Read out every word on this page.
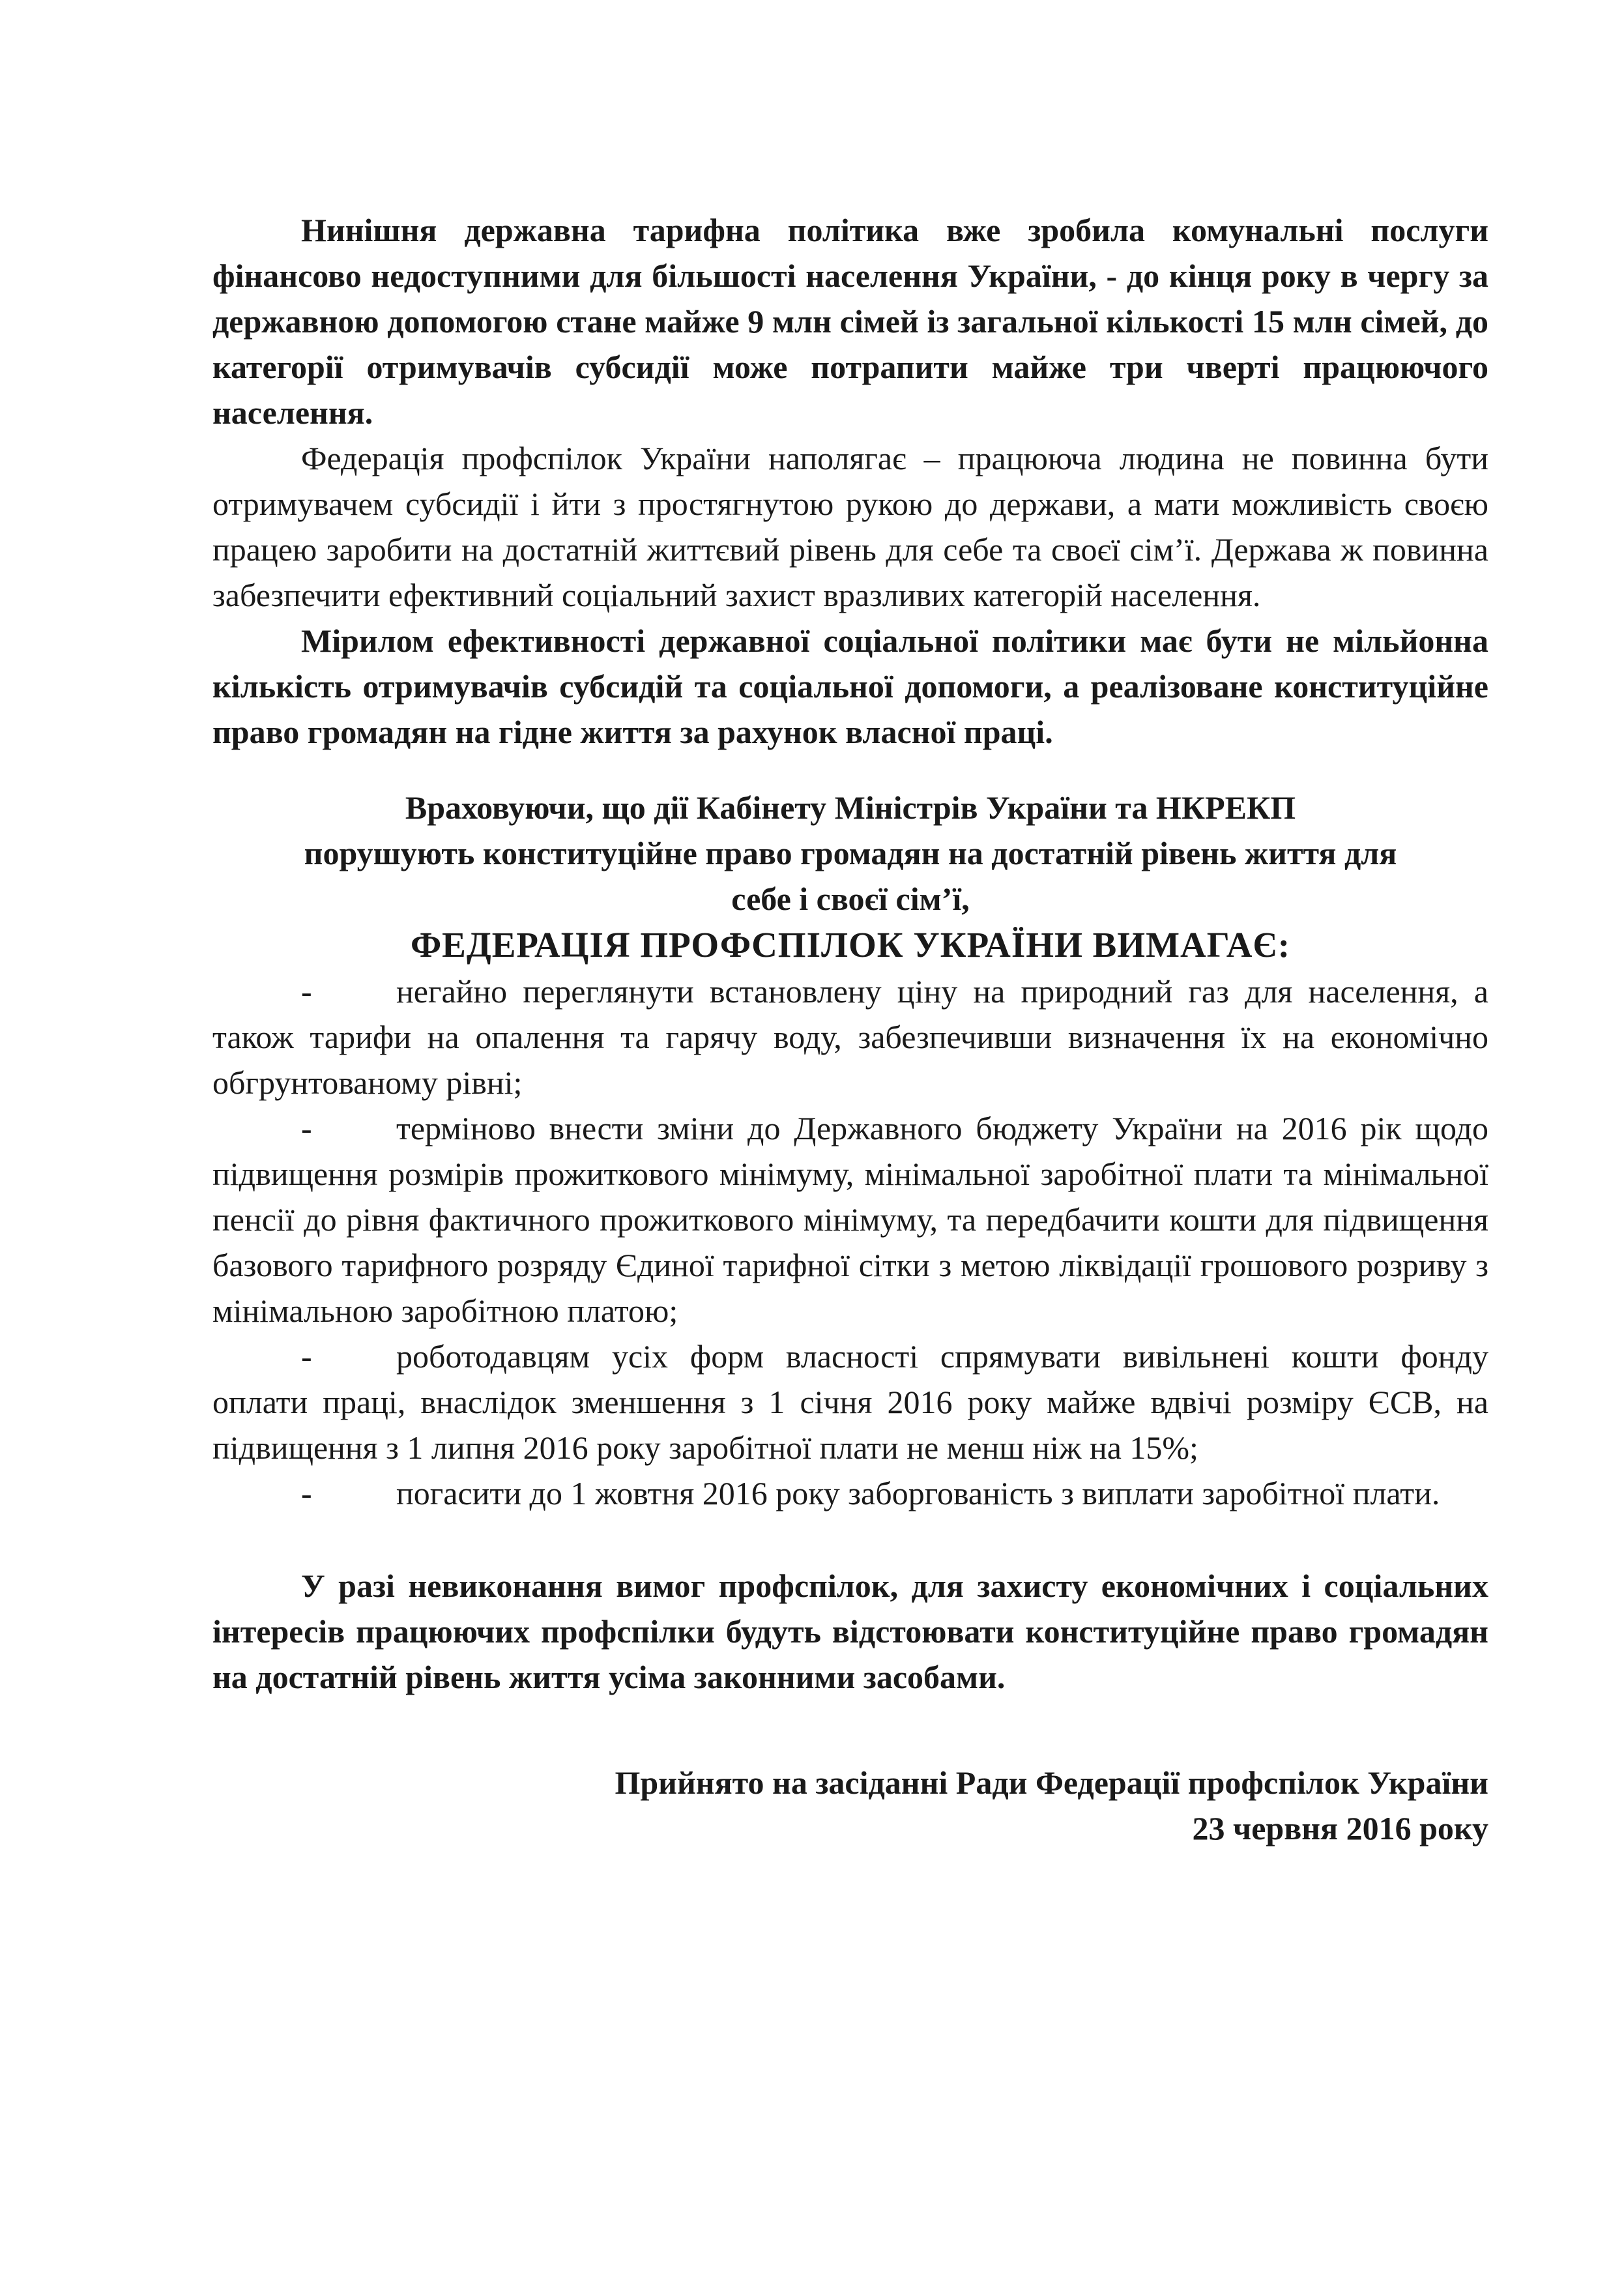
Нинішня державна тарифна політика вже зробила комунальні послуги фінансово недоступними для більшості населення України, - до кінця року в чергу за державною допомогою стане майже 9 млн сімей із загальної кількості 15 млн сімей, до категорії отримувачів субсидії може потрапити майже три чверті працюючого населення.

Федерація профспілок України наполягає – працююча людина не повинна бути отримувачем субсидії і йти з простягнутою рукою до держави, а мати можливість своєю працею заробити на достатній життєвий рівень для себе та своєї сім’ї. Держава ж повинна забезпечити ефективний соціальний захист вразливих категорій населення.

Мірилом ефективності державної соціальної політики має бути не мільйонна кількість отримувачів субсидій та соціальної допомоги, а реалізоване конституційне право громадян на гідне життя за рахунок власної праці.

Враховуючи, що дії Кабінету Міністрів України та НКРЕКП
порушують конституційне право громадян на достатній рівень життя для
себе і своєї сім’ї,
ФЕДЕРАЦІЯ ПРОФСПІЛОК УКРАЇНИ ВИМАГАЄ:
-	негайно переглянути встановлену ціну на природний газ для населення, а також тарифи на опалення та гарячу воду, забезпечивши визначення їх на економічно обгрунтованому рівні;
-	терміново внести зміни до Державного бюджету України на 2016 рік щодо підвищення розмірів прожиткового мінімуму, мінімальної заробітної плати та мінімальної пенсії до рівня фактичного прожиткового мінімуму, та передбачити кошти для підвищення базового тарифного розряду Єдиної тарифної сітки з метою ліквідації грошового розриву з мінімальною заробітною платою;
-	роботодавцям усіх форм власності спрямувати вивільнені кошти фонду оплати праці, внаслідок зменшення з 1 січня 2016 року майже вдвічі розміру ЄСВ, на підвищення з 1 липня 2016 року заробітної плати не менш ніж на 15%;
-	погасити до 1 жовтня 2016 року заборгованість з виплати заробітної плати.

У разі невиконання вимог профспілок, для захисту економічних і соціальних інтересів працюючих профспілки будуть відстоювати конституційне право громадян на достатній рівень життя усіма законними засобами.

Прийнято на засіданні Ради Федерації профспілок України
23 червня 2016 року
